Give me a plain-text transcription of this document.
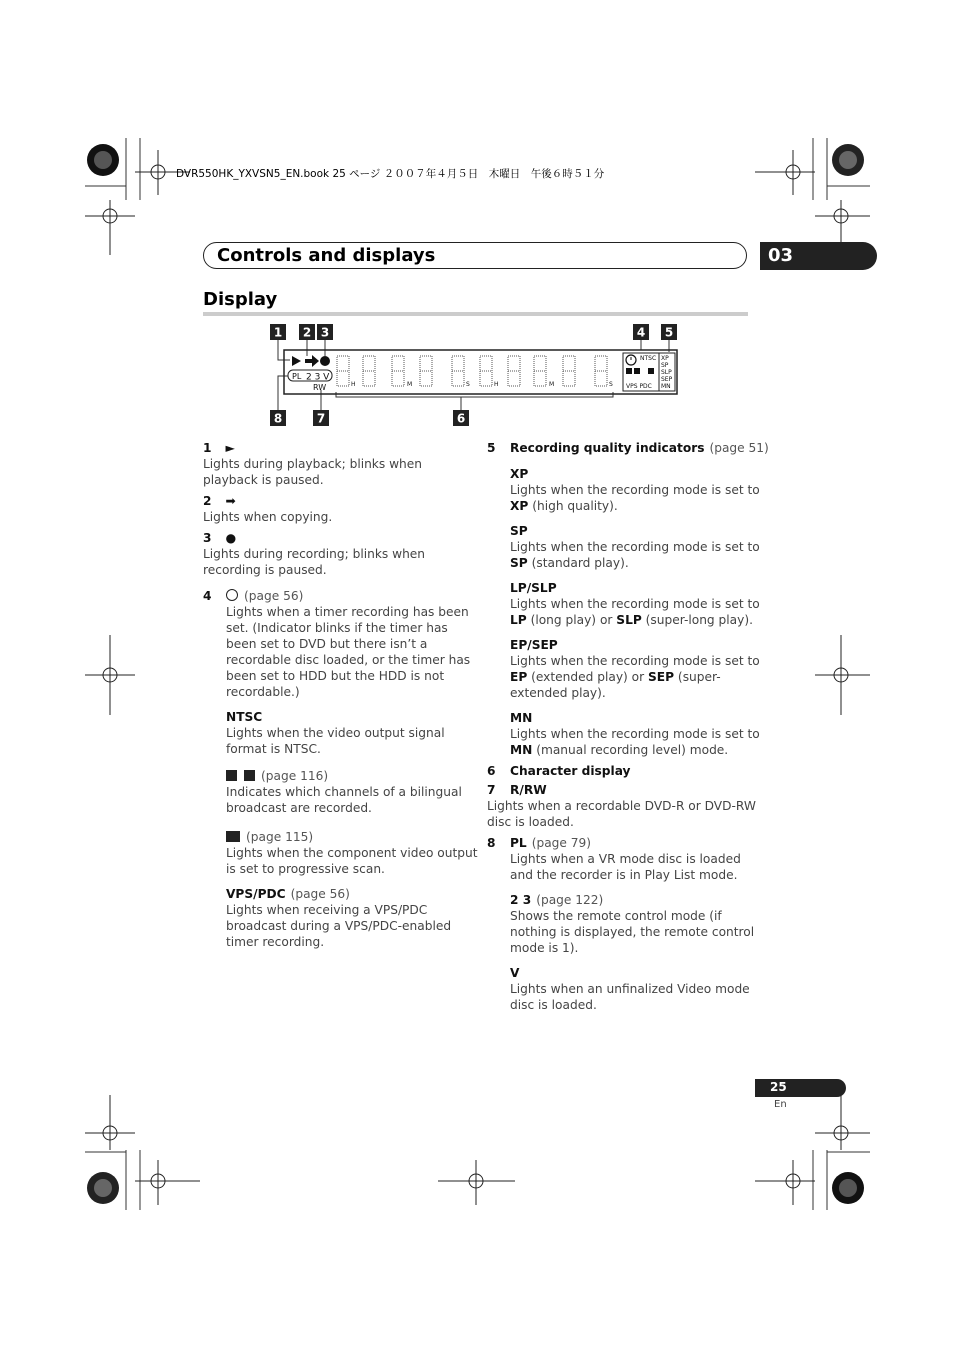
DVR550HK_YXVSN5_EN.book 25 ページ ２００７年４月５日　木曜日　午後６時５１分
Controls and displays	03
Display
1 2 3	4 5
8	7	6
PL 2 3 V
RW	H	M	S	H	M	S
NTSC
VPS PDC
XP
SP
SLP
SEP
MN
1 ►
Lights during playback; blinks when
playback is paused.
2 ➡
Lights when copying.
3 ●
Lights during recording; blinks when
recording is paused.
4	(page 56)
Lights when a timer recording has been
set. (Indicator blinks if the timer has
been set to DVD but there isn’t a
recordable disc loaded, or the timer has
been set to HDD but the HDD is not
recordable.)
NTSC
Lights when the video output signal
format is NTSC.
(page 116)
Indicates which channels of a bilingual
broadcast are recorded.
(page 115)
Lights when the component video output
is set to progressive scan.
VPS/PDC (page 56)
Lights when receiving a VPS/PDC
broadcast during a VPS/PDC-enabled
timer recording.
5 Recording quality indicators (page 51)
XP
Lights when the recording mode is set to
XP (high quality).
SP
Lights when the recording mode is set to
SP (standard play).
LP/SLP
Lights when the recording mode is set to
LP (long play) or SLP (super-long play).
EP/SEP
Lights when the recording mode is set to
EP (extended play) or SEP (super-
extended play).
MN
Lights when the recording mode is set to
MN (manual recording level) mode.
6 Character display
7 R/RW
Lights when a recordable DVD-R or DVD-RW
disc is loaded.
8 PL (page 79)
Lights when a VR mode disc is loaded
and the recorder is in Play List mode.
2 3 (page 122)
Shows the remote control mode (if
nothing is displayed, the remote control
mode is 1).
V
Lights when an unfinalized Video mode
disc is loaded.
25
En
